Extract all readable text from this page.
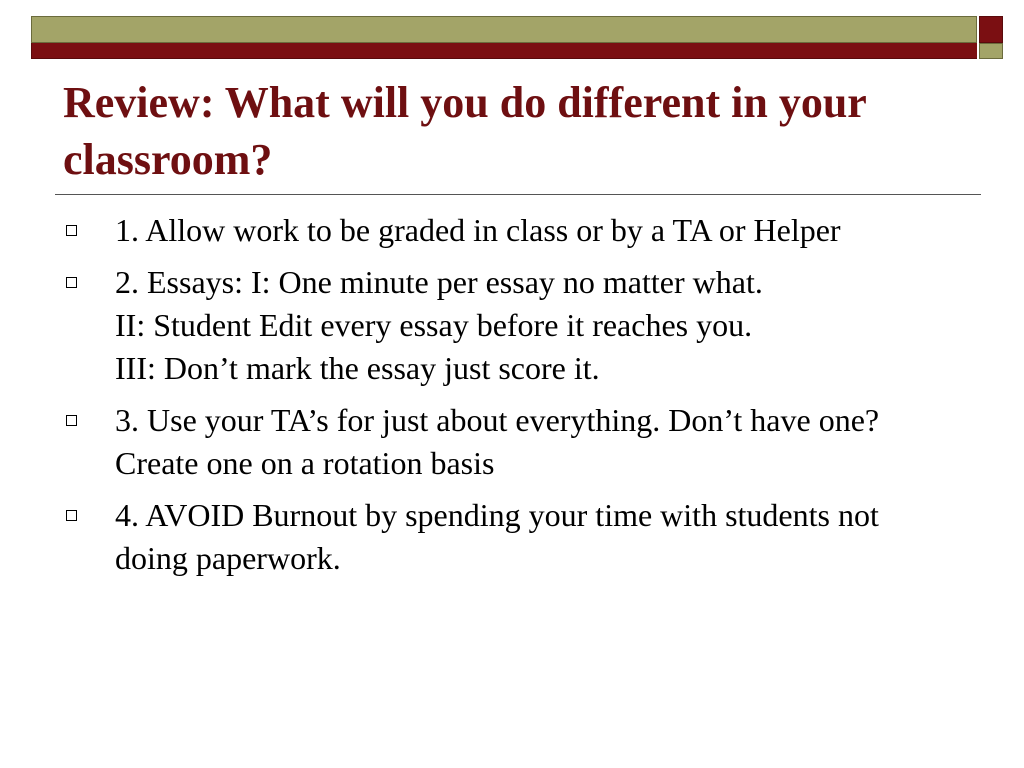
Review: What will you do different in your classroom?
1. Allow work to be graded in class or by a TA or Helper
2. Essays: I: One minute per essay no matter what.
II: Student Edit every essay before it reaches you.
III: Don’t mark the essay just score it.
3. Use your TA’s for just about everything. Don’t have one? Create one on a rotation basis
4. AVOID Burnout by spending your time with students not doing paperwork.
